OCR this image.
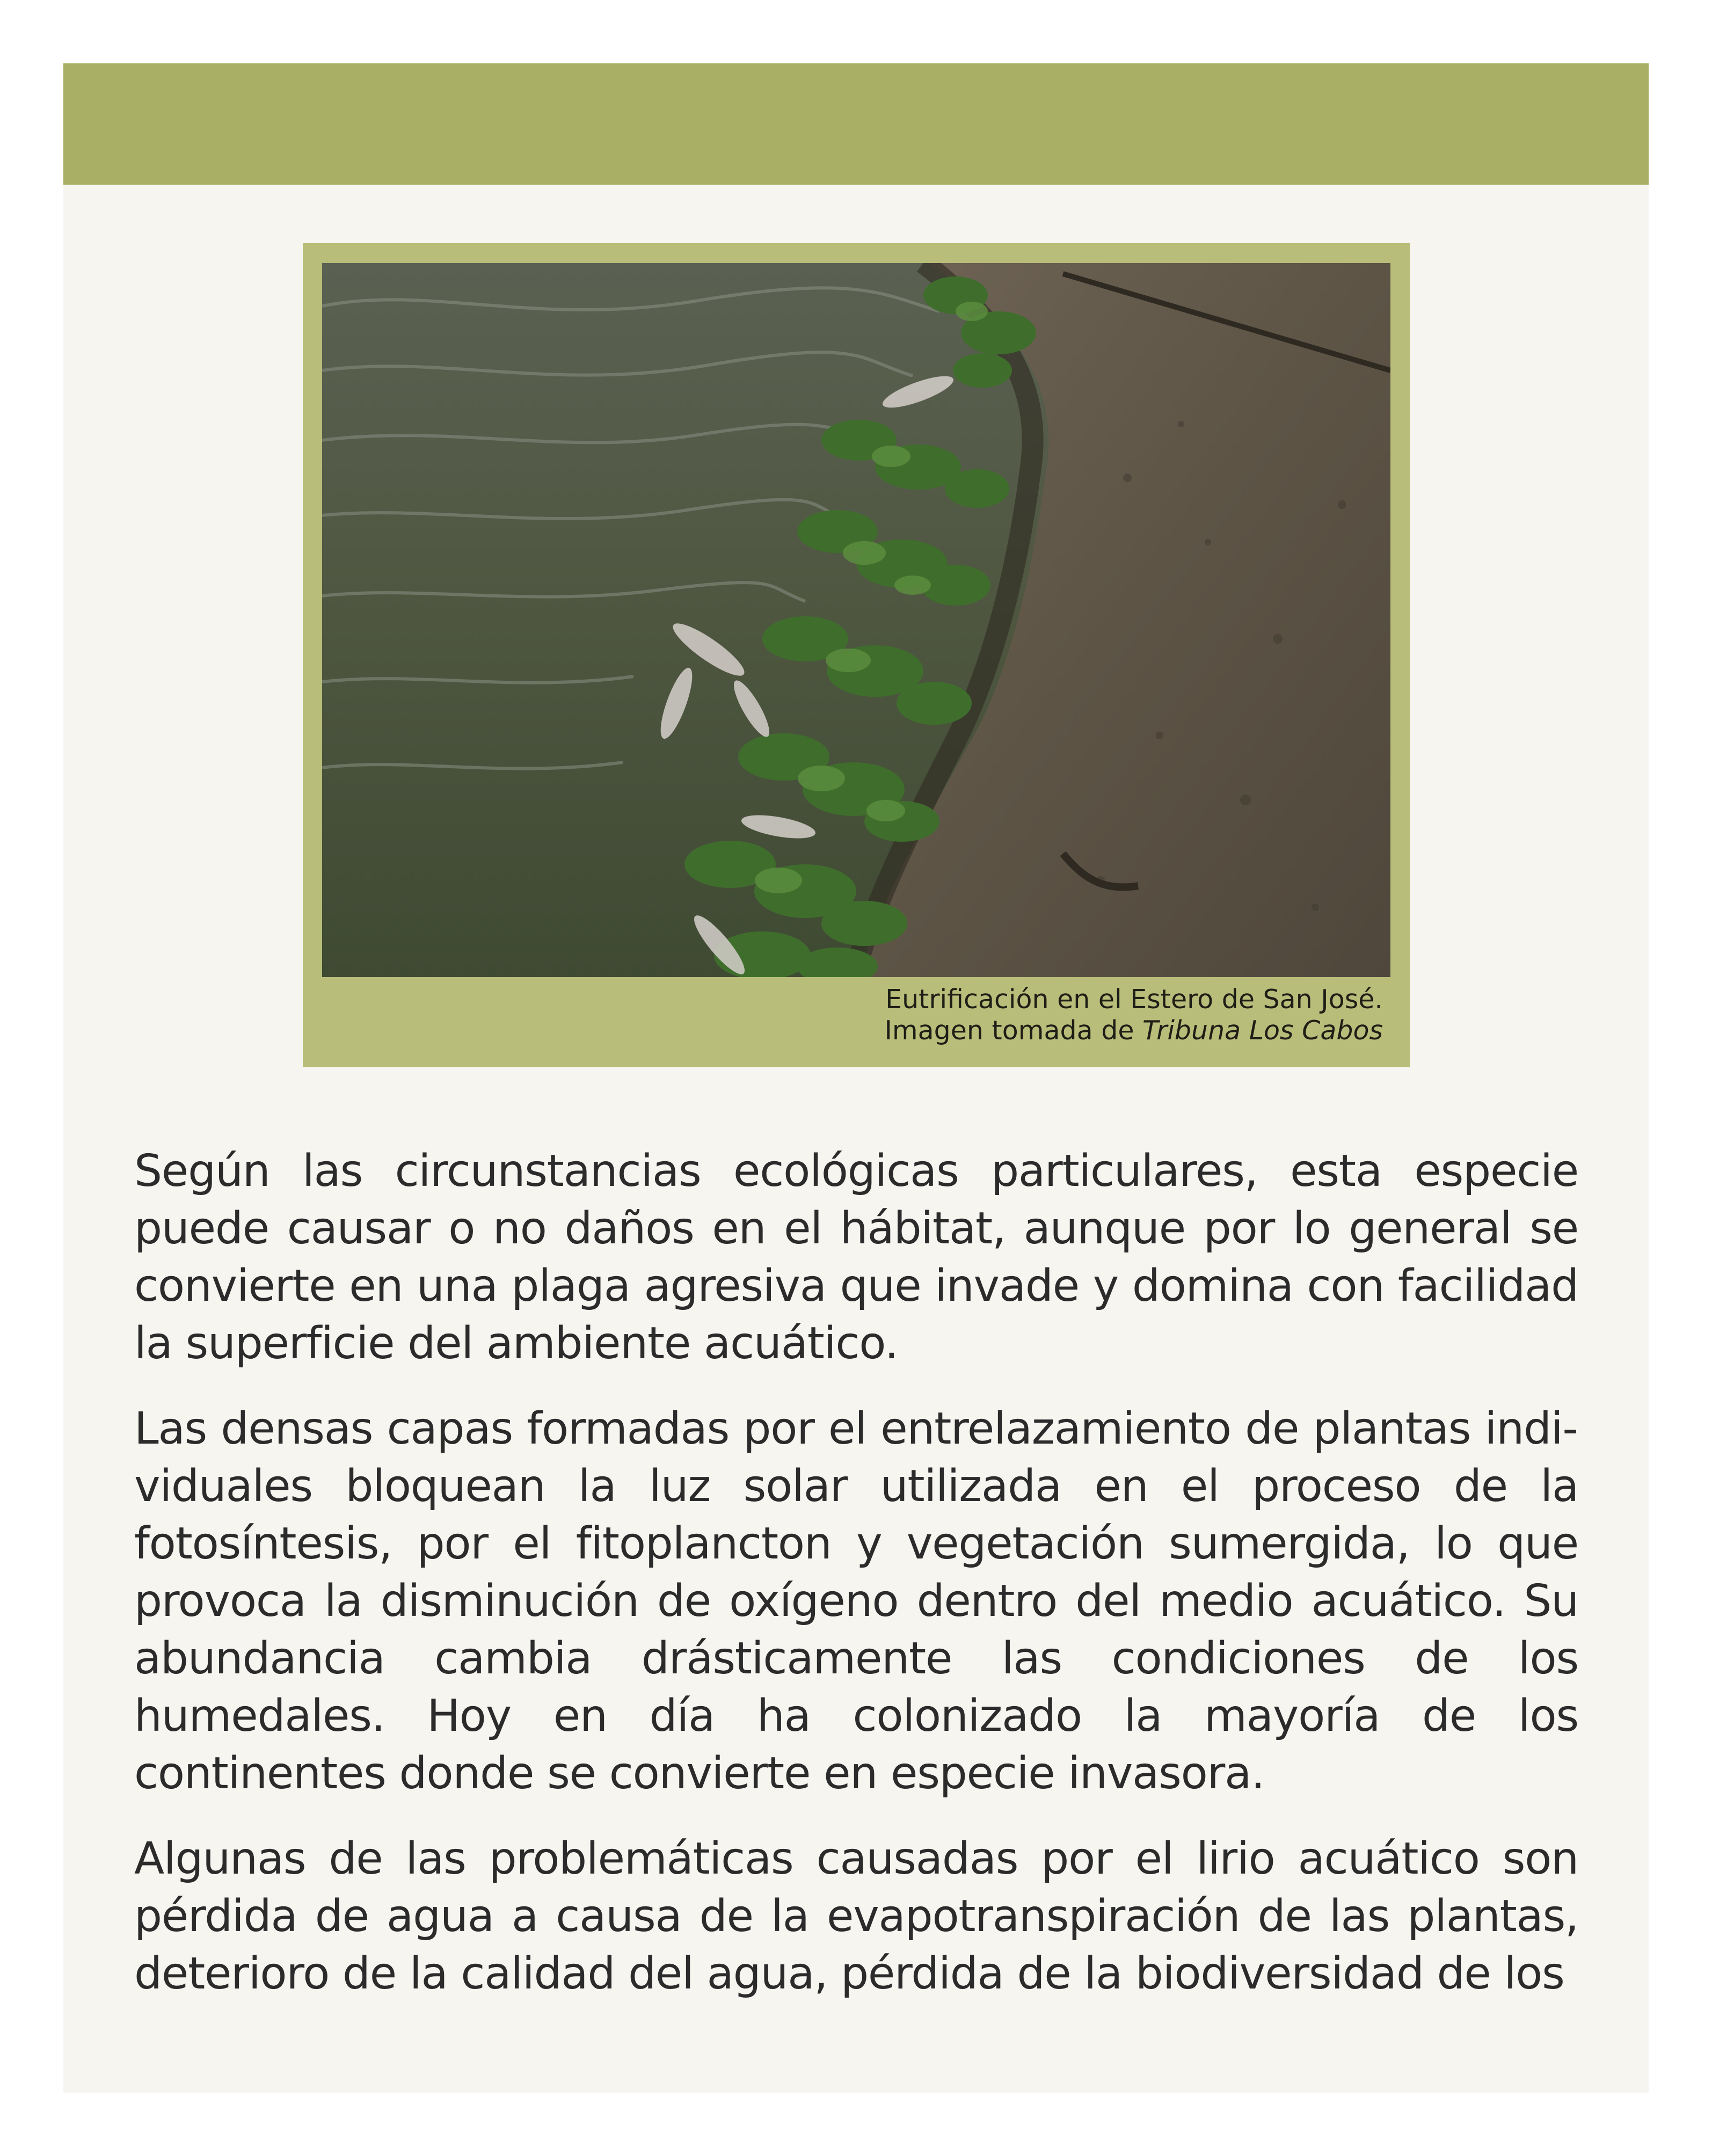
Eutrificación en el Estero de San José.
Imagen tomada de Tribuna Los Cabos

Según las circunstancias ecológicas particulares, esta especie puede causar o no daños en el hábitat, aunque por lo general se convierte en una plaga agresiva que invade y domina con facilidad la superficie del ambiente acuático.

Las densas capas formadas por el entrelazamiento de plantas individuales bloquean la luz solar utilizada en el proceso de la fotosíntesis, por el fitoplancton y vegetación sumergida, lo que provoca la disminución de oxígeno dentro del medio acuático. Su abundancia cambia drásticamente las condiciones de los humedales. Hoy en día ha colonizado la mayoría de los continentes donde se convierte en especie invasora.

Algunas de las problemáticas causadas por el lirio acuático son pérdida de agua a causa de la evapotranspiración de las plantas, deterioro de la calidad del agua, pérdida de la biodiversidad de los
